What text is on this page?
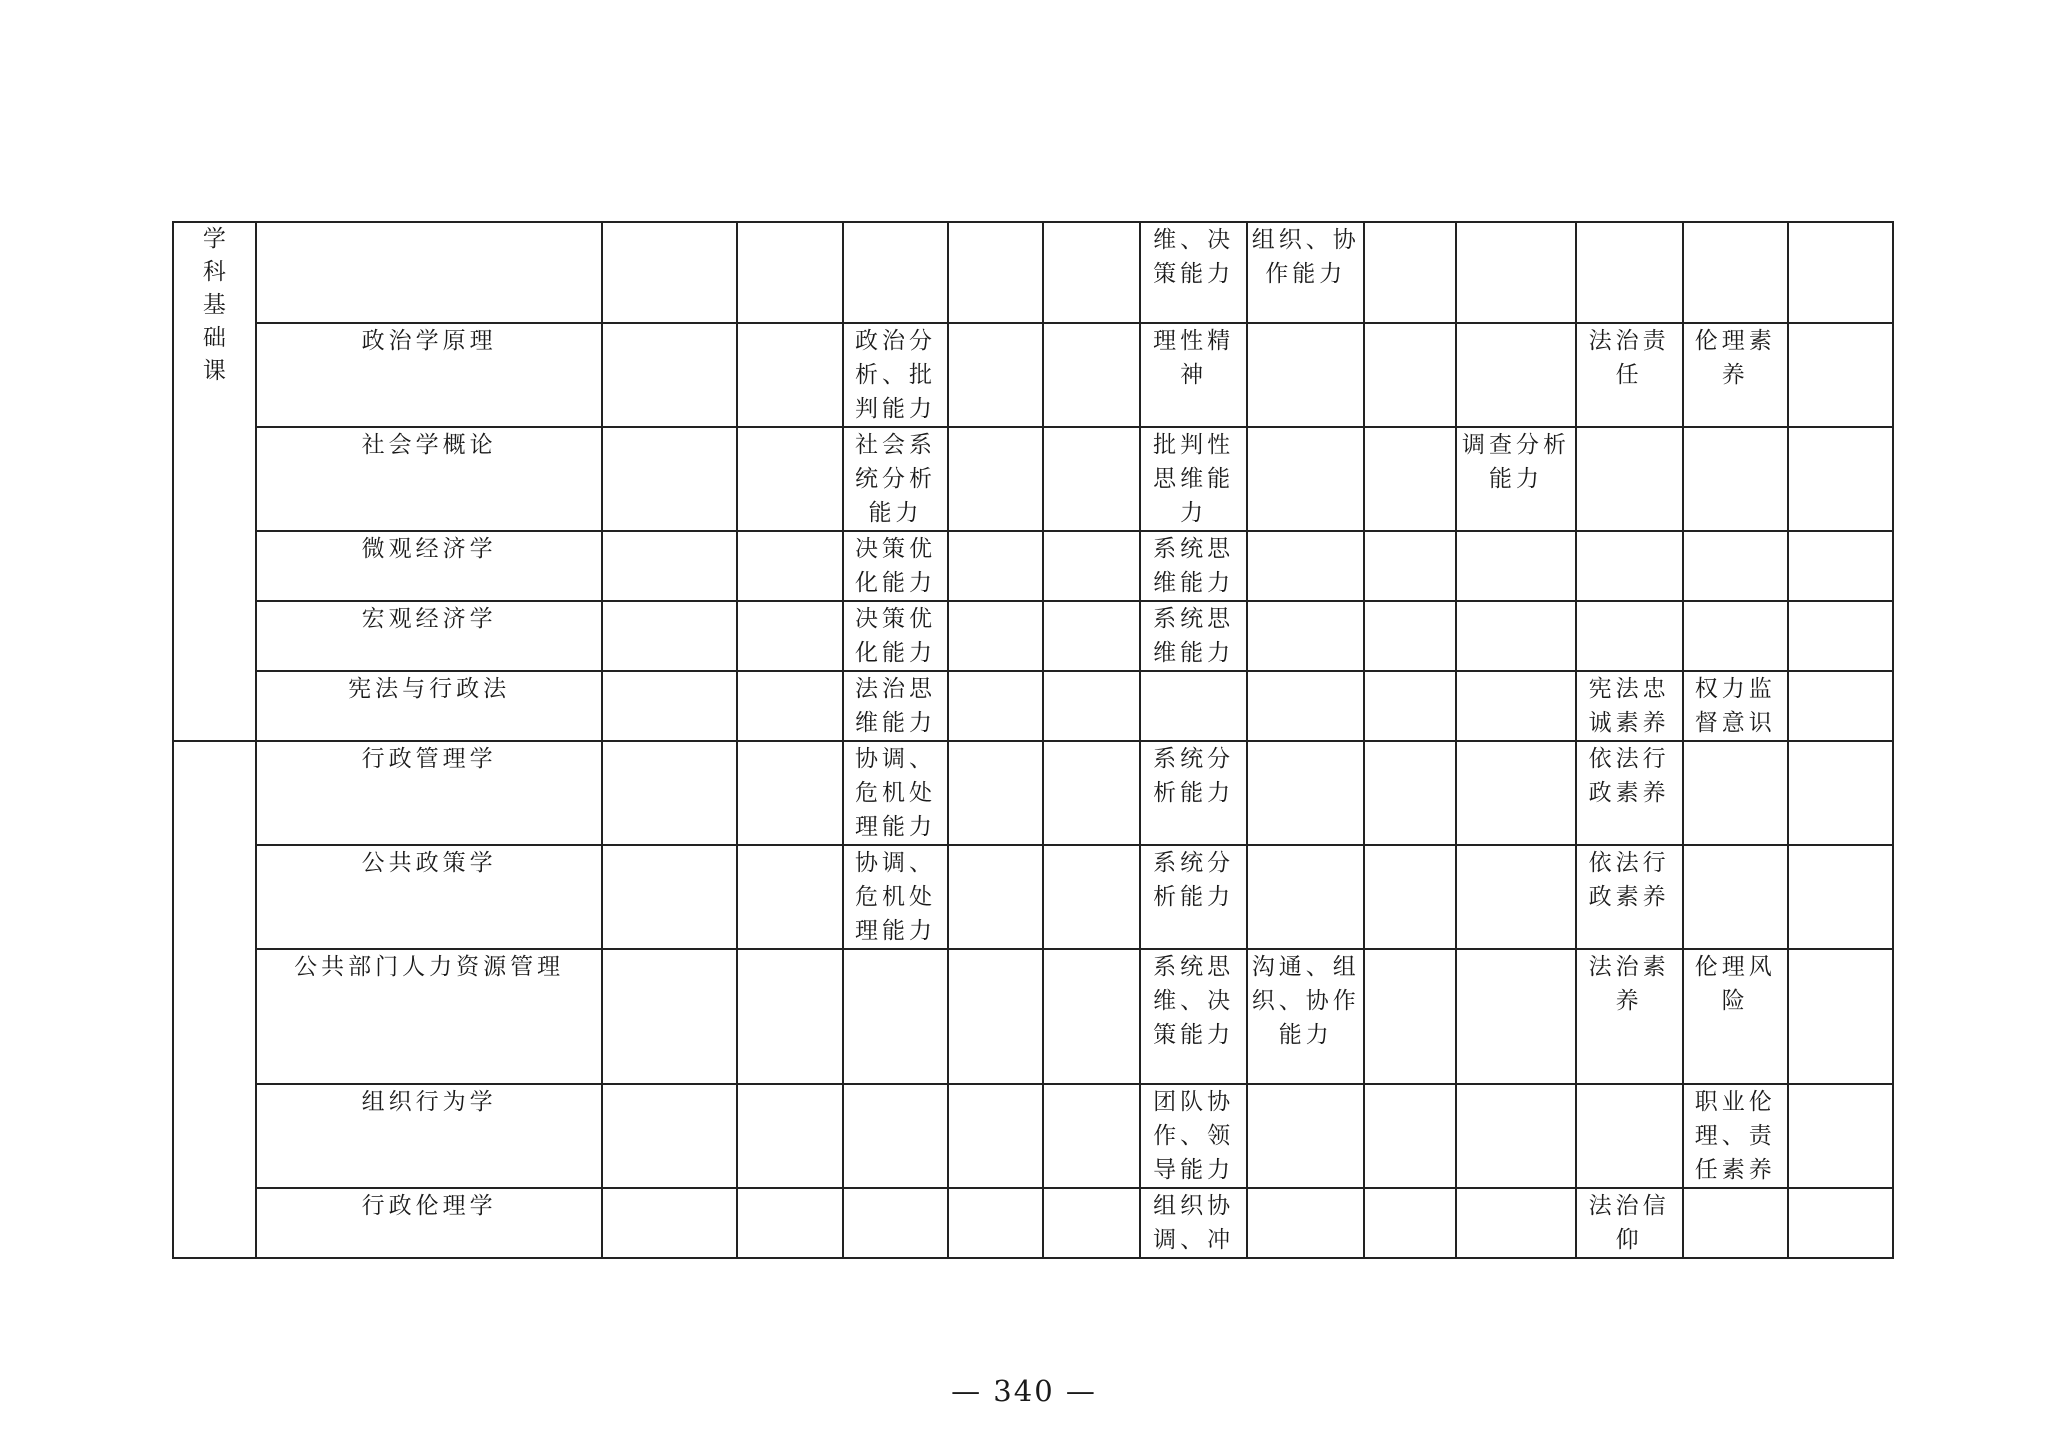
学科基础课							维、决策能力	组织、协作能力					
	政治学原理			政治分析、批判能力			理性精神				法治责任	伦理素养	
	社会学概论			社会系统分析能力			批判性思维能力			调查分析能力			
	微观经济学			决策优化能力			系统思维能力						
	宏观经济学			决策优化能力			系统思维能力						
	宪法与行政法			法治思维能力							宪法忠诚素养	权力监督意识	
	行政管理学			协调、危机处理能力			系统分析能力				依法行政素养		
	公共政策学			协调、危机处理能力			系统分析能力				依法行政素养		
	公共部门人力资源管理						系统思维、决策能力	沟通、组织、协作能力			法治素养	伦理风险	
	组织行为学						团队协作、领导能力					职业伦理、责任素养	
	行政伦理学						组织协调、冲				法治信仰		
— 340 —
